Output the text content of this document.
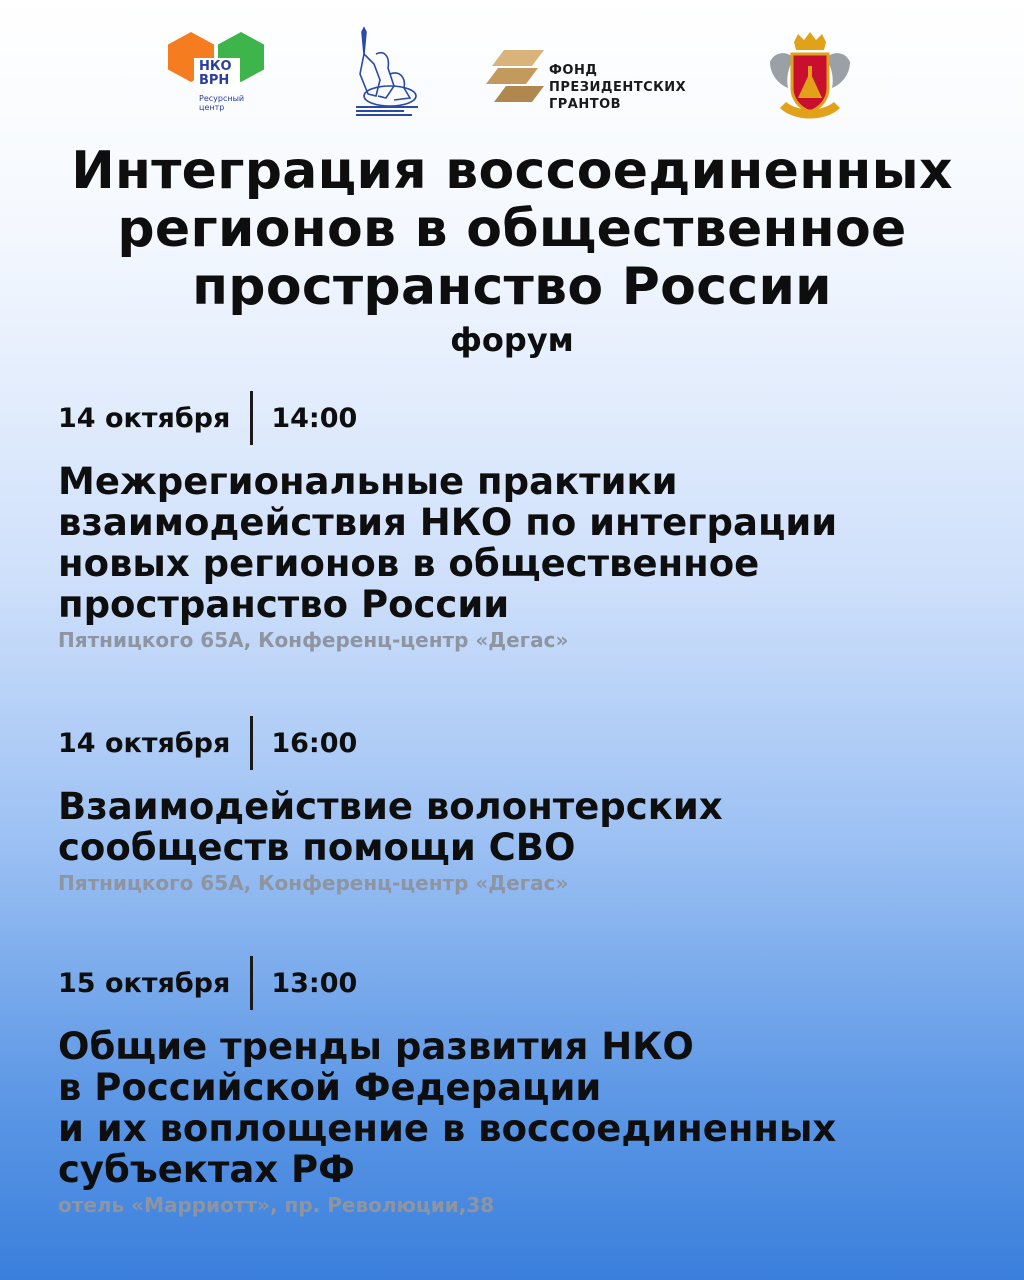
НКО
ВРН
Ресурсный
центр
ФОНД
ПРЕЗИДЕНТСКИХ
ГРАНТОВ
Интеграция воссоединенных
регионов в общественное
пространство России
форум
14 октября	14:00
Межрегиональные практики
взаимодействия НКО по интеграции
новых регионов в общественное
пространство России
Пятницкого 65А, Конференц-центр «Дегас»
14 октября	16:00
Взаимодействие волонтерских
сообществ помощи СВО
Пятницкого 65А, Конференц-центр «Дегас»
15 октября	13:00
Общие тренды развития НКО
в Российской Федерации
и их воплощение в воссоединенных
субъектах РФ
отель «Марриотт», пр. Революции,38
